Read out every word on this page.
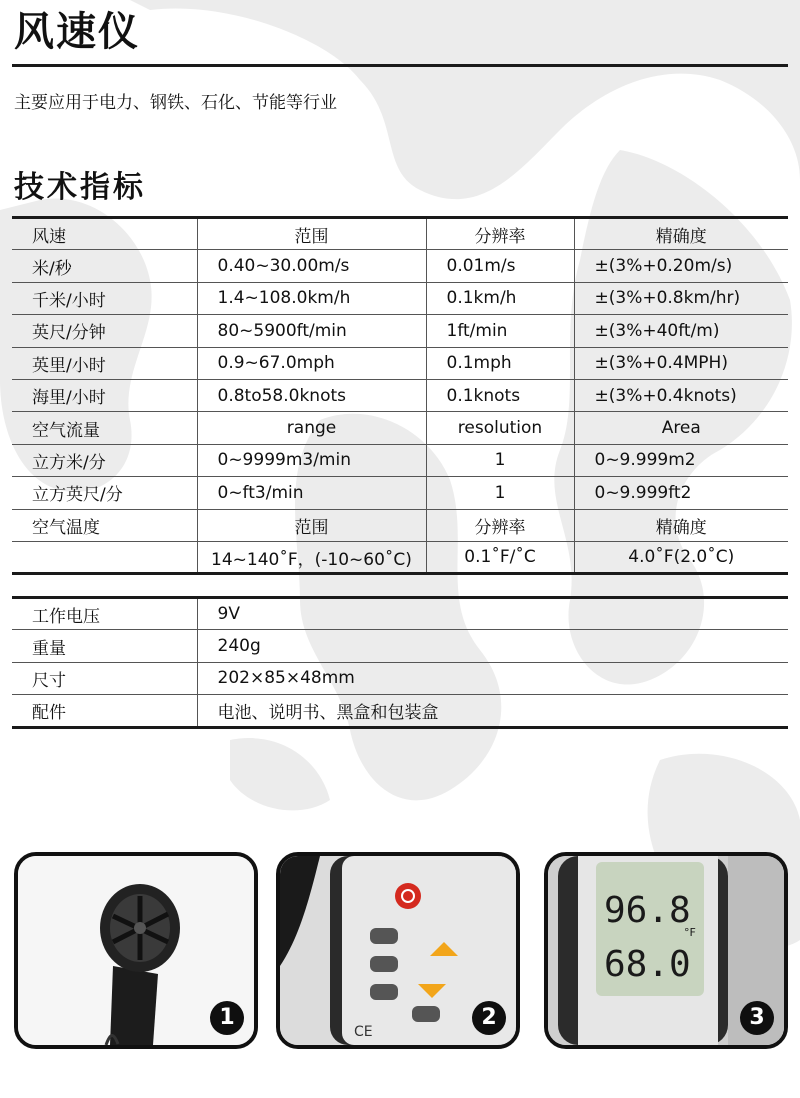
风速仪
主要应用于电力、钢铁、石化、节能等行业
技术指标
风速	范围	分辨率	精确度
米/秒	0.40~30.00m/s	0.01m/s	±(3%+0.20m/s)
千米/小时	1.4~108.0km/h	0.1km/h	±(3%+0.8km/hr)
英尺/分钟	80~5900ft/min	1ft/min	±(3%+40ft/m)
英里/小时	0.9~67.0mph	0.1mph	±(3%+0.4MPH)
海里/小时	0.8to58.0knots	0.1knots	±(3%+0.4knots)
空气流量	range	resolution	Area
立方米/分	0~9999m3/min	1	0~9.999m2
立方英尺/分	0~ft3/min	1	0~9.999ft2
空气温度	范围	分辨率	精确度
	14~140˚F，(-10~60˚C)	0.1˚F/˚C	4.0˚F(2.0˚C)
工作电压	9V
重量	240g
尺寸	202×85×48mm
配件	电池、说明书、黑盒和包装盒
1
CE
2
96.8
°F
68.0
3
